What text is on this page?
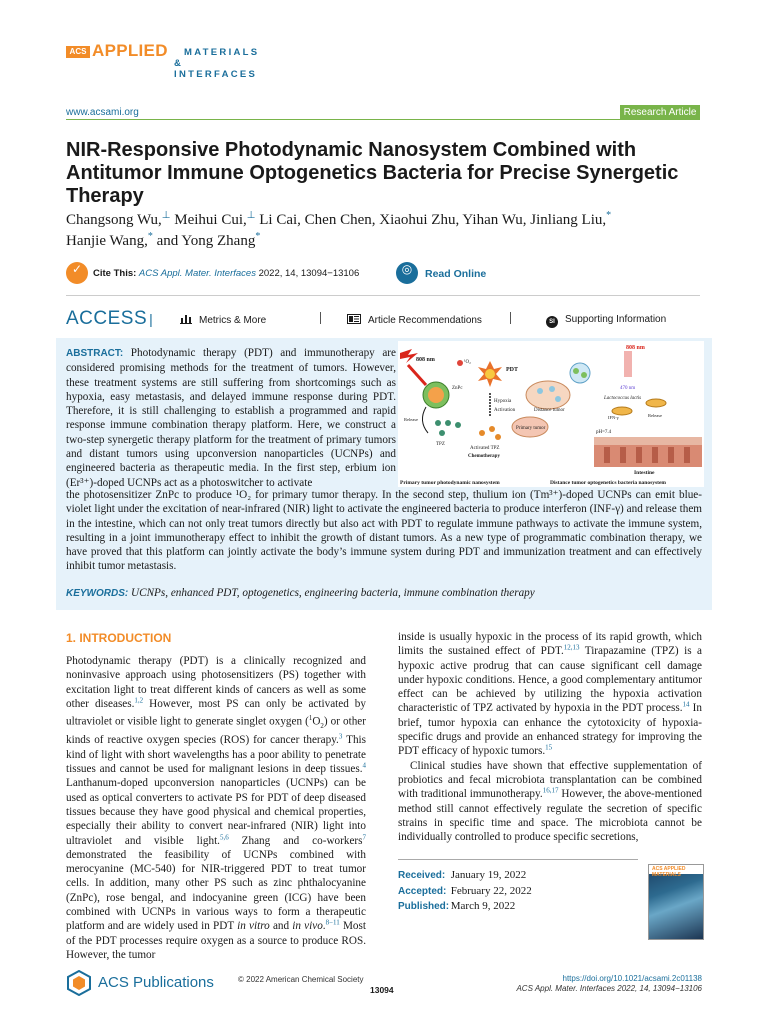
ACS APPLIED MATERIALS
& INTERFACES
www.acsami.org	Research Article
NIR-Responsive Photodynamic Nanosystem Combined with Antitumor Immune Optogenetics Bacteria for Precise Synergetic Therapy
Changsong Wu,⊥ Meihui Cui,⊥ Li Cai, Chen Chen, Xiaohui Zhu, Yihan Wu, Jinliang Liu,*
Hanjie Wang,* and Yong Zhang*
✓	Cite This: ACS Appl. Mater. Interfaces 2022, 14, 13094−13106	◎	Read Online
ACCESS |	Metrics & More	Article Recommendations	SI Supporting Information
ABSTRACT: Photodynamic therapy (PDT) and immunotherapy are considered promising methods for the treatment of tumors. However, these treatment systems are still suffering from shortcomings such as hypoxia, easy metastasis, and delayed immune response during PDT. Therefore, it is still challenging to establish a programmed and rapid response immune combination therapy platform. Here, we construct a two-step synergetic therapy platform for the treatment of primary tumors and distant tumors using upconversion nanoparticles (UCNPs) and engineered bacteria as therapeutic media. In the first step, erbium ion (Er³⁺)-doped UCNPs act as a photoswitcher to activate
the photosensitizer ZnPc to produce ¹O₂ for primary tumor therapy. In the second step, thulium ion (Tm³⁺)-doped UCNPs can emit blue-violet light under the excitation of near-infrared (NIR) light to activate the engineered bacteria to produce interferon (INF-γ) and release them in the intestine, which can not only treat tumors directly but also act with PDT to regulate immune pathways to activate the immune system, resulting in a joint immunotherapy effect to inhibit the growth of distant tumors. As a new type of programmatic combination therapy, we have proved that this platform can jointly activate the body’s immune system during PDT and immunization treatment and can effectively inhibit tumor metastasis.
KEYWORDS: UCNPs, enhanced PDT, optogenetics, engineering bacteria, immune combination therapy
808 nm
ZnPc
¹O₂
PDT
Hypoxia
Activation
Release
TPZ
Activated TPZ
Chemotherapy
Distance tumor
Primary tumor
808 nm
470 nm
Lactococcus lactis
IFN-γ	Release
pH=7.4
Intestine
Primary tumor photodynamic nanosystem	Distance tumor optogenetics bacteria nanosystem
1. INTRODUCTION
Photodynamic therapy (PDT) is a clinically recognized and noninvasive approach using photosensitizers (PS) together with excitation light to treat different kinds of cancers as well as some other diseases.$^{1,2}$ However, most PS can only be activated by ultraviolet or visible light to generate singlet oxygen $(^1O_2)$ or other kinds of reactive oxygen species (ROS) for cancer therapy.$^3$ This kind of light with short wavelengths has a poor ability to penetrate tissues and cannot be used for malignant lesions in deep tissues.$^4$ Lanthanum-doped upconversion nanoparticles (UCNPs) can be used as optical converters to activate PS for PDT of deep diseased tissues because they have good physical and chemical properties, especially their ability to convert near-infrared (NIR) light into ultraviolet and visible light.$^{5,6}$ Zhang and co-workers$^7$ demonstrated the feasibility of UCNPs combined with merocyanine (MC-540) for NIR-triggered PDT to treat tumor cells. In addition, many other PS such as zinc phthalocyanine (ZnPc), rose bengal, and indocyanine green (ICG) have been combined with UCNPs in various ways to form a therapeutic platform and are widely used in PDT in vitro and in vivo.$^{8-11}$ Most of the PDT processes require oxygen as a source to produce ROS. However, the tumor
inside is usually hypoxic in the process of its rapid growth, which limits the sustained effect of PDT.$^{12,13}$ Tirapazamine (TPZ) is a hypoxic active prodrug that can cause significant cell damage under hypoxic conditions. Hence, a good complementary antitumor effect can be achieved by utilizing the hypoxia activation characteristic of TPZ activated by hypoxia in the PDT process.$^{14}$ In brief, tumor hypoxia can enhance the cytotoxicity of hypoxia-specific drugs and provide an enhanced strategy for improving the PDT efficacy of hypoxic tumors.$^{15}$
Clinical studies have shown that effective supplementation of probiotics and fecal microbiota transplantation can be combined with traditional immunotherapy.$^{16,17}$ However, the above-mentioned method still cannot effectively regulate the secretion of specific strains in specific time and space. The microbiota cannot be individually controlled to produce specific secretions,
Received: January 19, 2022
Accepted: February 22, 2022
Published: March 9, 2022
ACS APPLIED MATERIALS
ACS Publications	© 2022 American Chemical Society
13094
https://doi.org/10.1021/acsami.2c01138
ACS Appl. Mater. Interfaces 2022, 14, 13094−13106
